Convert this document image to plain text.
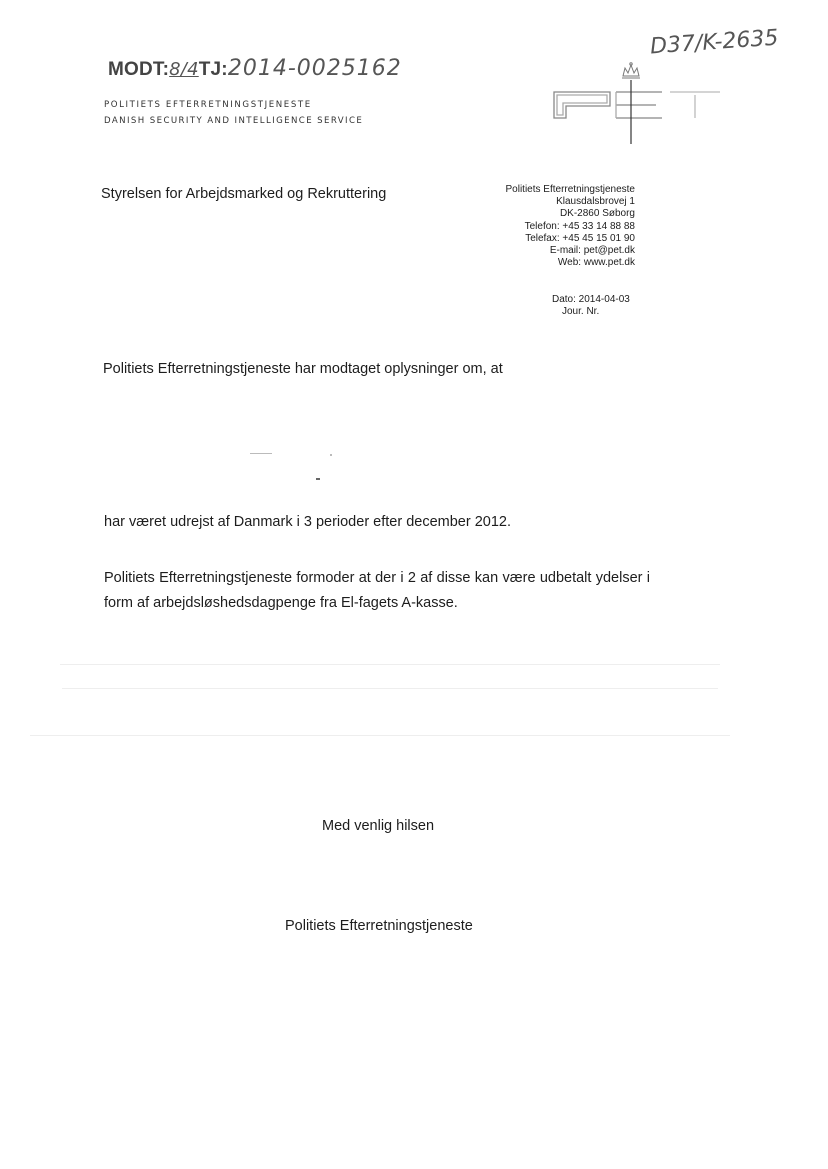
MODT:8/4TJ:2014-0025162
D37/K-2635
POLITIETS EFTERRETNINGSTJENESTE
DANISH SECURITY AND INTELLIGENCE SERVICE
Styrelsen for Arbejdsmarked og Rekruttering	Politiets Efterretningstjeneste
Klausdalsbrovej 1
DK-2860 Søborg
Telefon: +45 33 14 88 88
Telefax: +45 45 15 01 90
E-mail: pet@pet.dk
Web: www.pet.dk
Dato: 2014-04-03
Jour. Nr.
Politiets Efterretningstjeneste har modtaget oplysninger om, at
har været udrejst af Danmark i 3 perioder efter december 2012.
Politiets Efterretningstjeneste formoder at der i 2 af disse kan være udbetalt ydelser i form af arbejdsløshedsdagpenge fra El-fagets A-kasse.
Med venlig hilsen
Politiets Efterretningstjeneste
